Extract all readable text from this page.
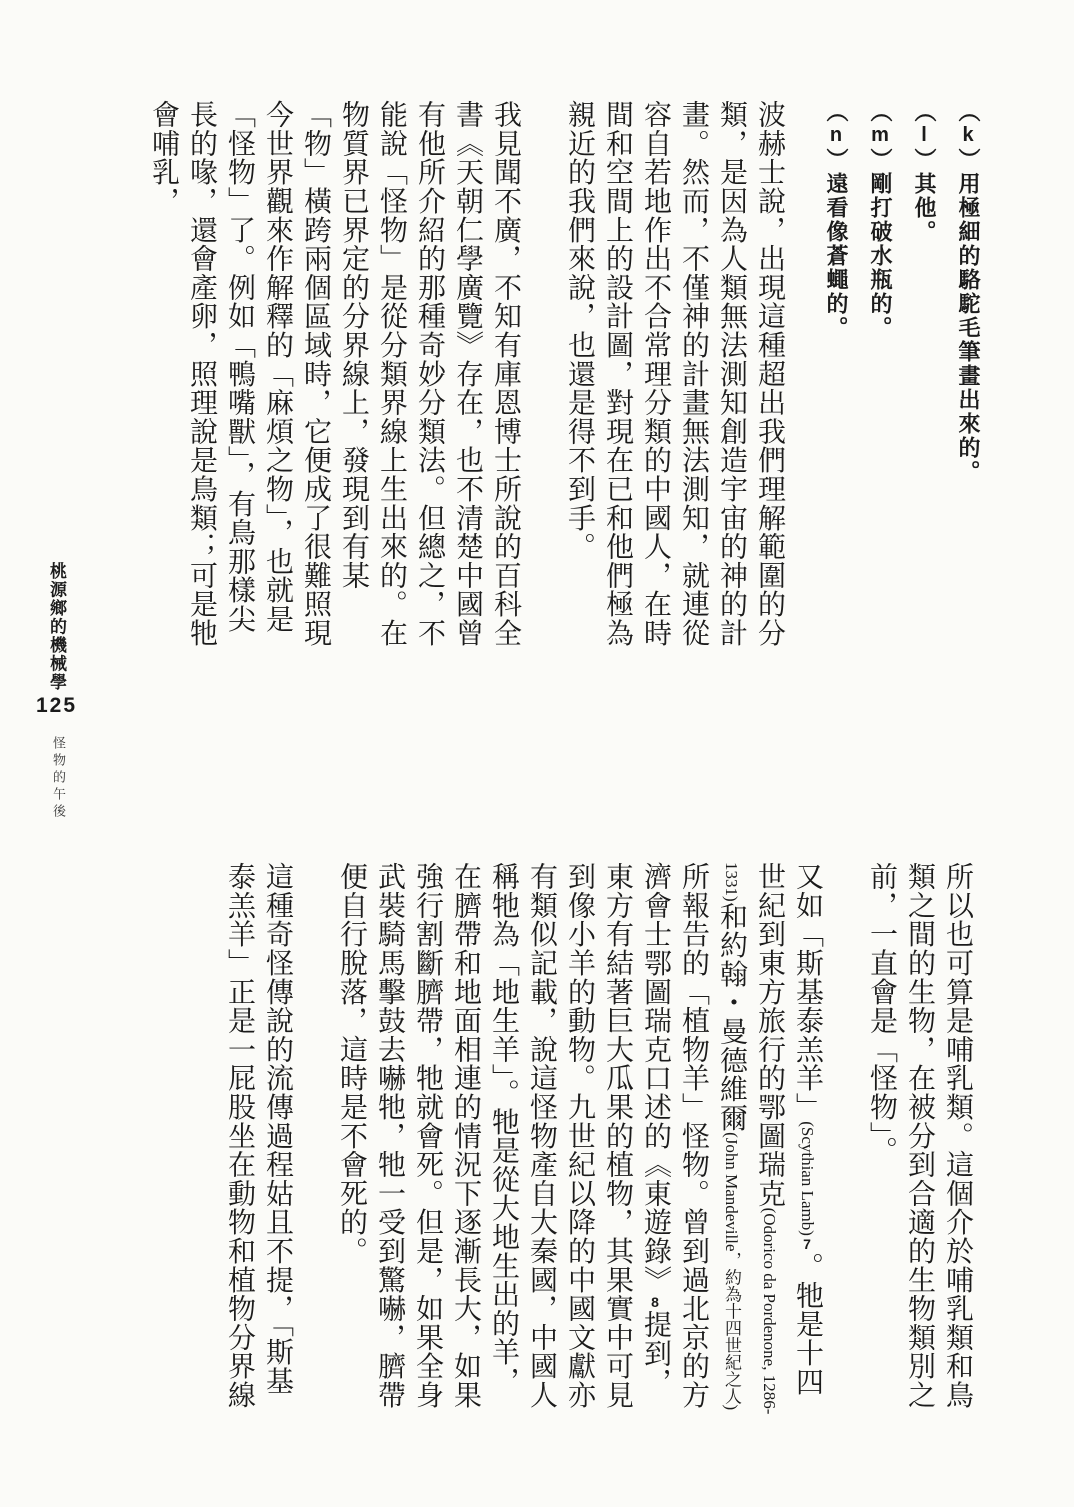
桃源鄉的機械學
125
怪物的午後

（k）用極細的駱駝毛筆畫出來的。

（l）其他。

（m）剛打破水瓶的。

（n）遠看像蒼蠅的。

波赫士說，出現這種超出我們理解範圍的分類，是因為人類無法測知創造宇宙的神的計畫。然而，不僅神的計畫無法測知，就連從容自若地作出不合常理分類的中國人，在時間和空間上的設計圖，對現在已和他們極為親近的我們來說，也還是得不到手。

我見聞不廣，不知有庫恩博士所說的百科全書《天朝仁學廣覽》存在，也不清楚中國曾有他所介紹的那種奇妙分類法。但總之，不能說「怪物」是從分類界線上生出來的。在物質界已界定的分界線上，發現到有某「物」橫跨兩個區域時，它便成了很難照現今世界觀來作解釋的「麻煩之物」，也就是「怪物」了。例如「鴨嘴獸」，有鳥那樣尖長的喙，還會產卵，照理說是鳥類；可是牠會哺乳，

所以也可算是哺乳類。這個介於哺乳類和鳥類之間的生物，在被分到合適的生物類別之前，一直會是「怪物」。

又如「斯基泰羔羊」(Scythian Lamb)7。牠是十四世紀到東方旅行的鄂圖瑞克(Odorico da Pordenone, 1286-1331)和約翰・曼德維爾(John Mandeville，約為十四世紀之人)所報告的「植物羊」怪物。曾到過北京的方濟會士鄂圖瑞克口述的《東遊錄》8提到，東方有結著巨大瓜果的植物，其果實中可見到像小羊的動物。九世紀以降的中國文獻亦有類似記載，說這怪物產自大秦國，中國人稱牠為「地生羊」。牠是從大地生出的羊，在臍帶和地面相連的情況下逐漸長大，如果強行割斷臍帶，牠就會死。但是，如果全身武裝騎馬擊鼓去嚇牠，牠一受到驚嚇，臍帶便自行脫落，這時是不會死的。

這種奇怪傳說的流傳過程姑且不提，「斯基泰羔羊」正是一屁股坐在動物和植物分界線
